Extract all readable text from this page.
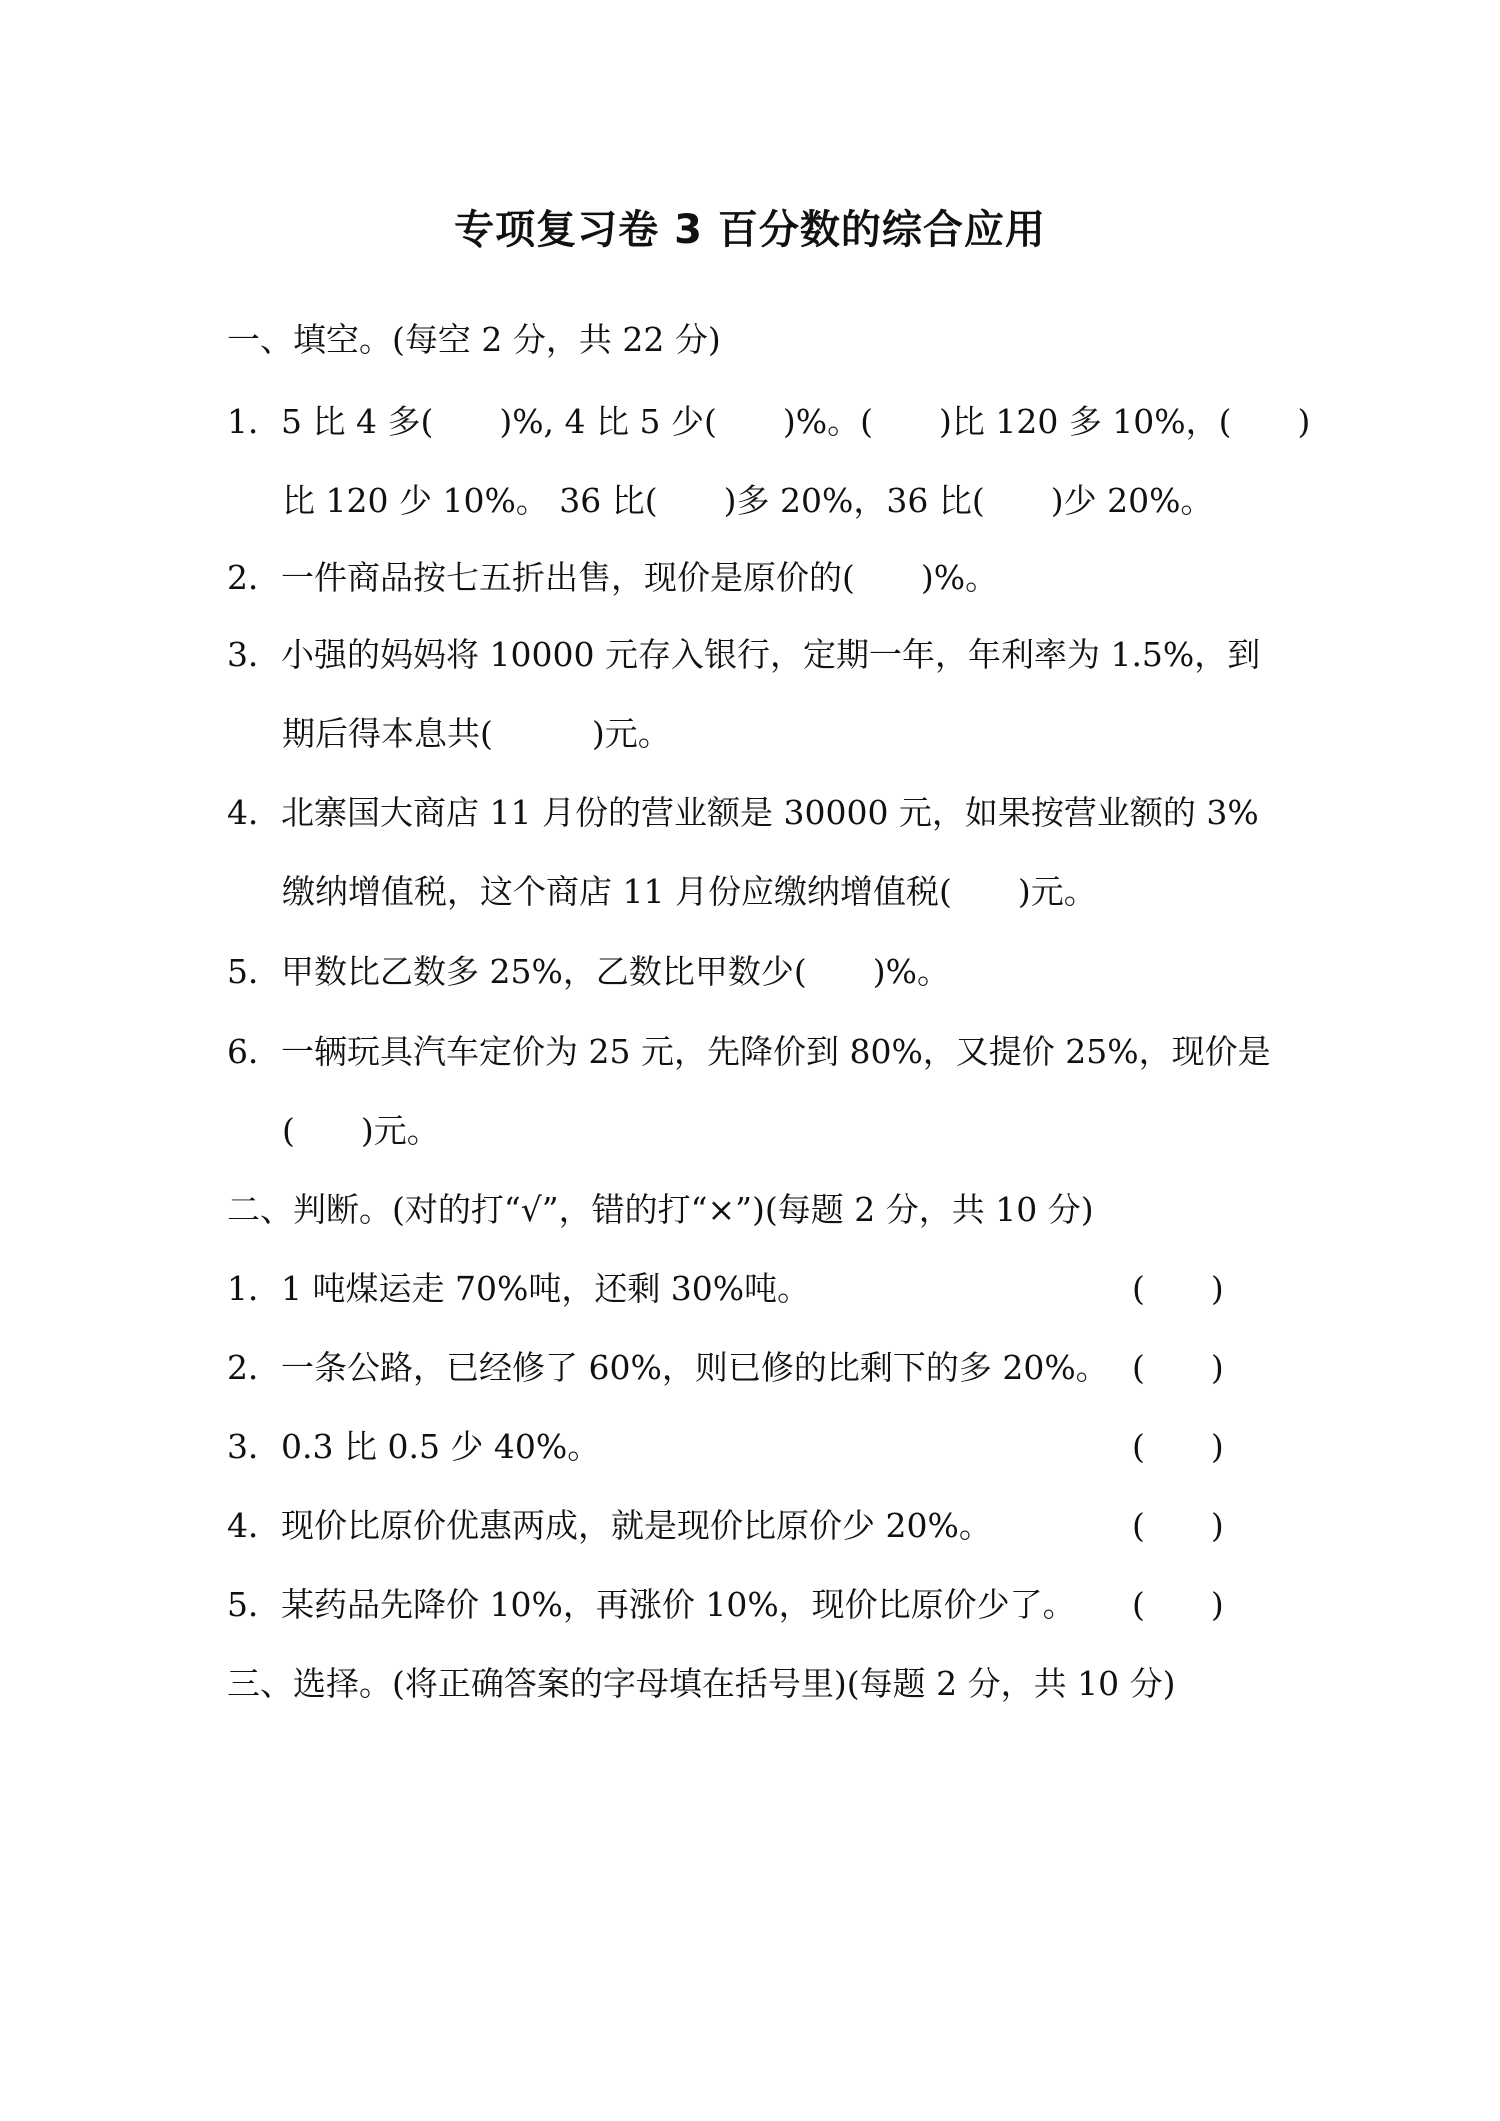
专项复习卷 3 百分数的综合应用
一、填空。(每空 2 分，共 22 分)
1．5 比 4 多(　　)%, 4 比 5 少(　　)%。(　　)比 120 多 10%，(　　)
比 120 少 10%。 36 比(　　)多 20%，36 比(　　)少 20%。
2．一件商品按七五折出售，现价是原价的(　　)%。
3．小强的妈妈将 10000 元存入银行，定期一年，年利率为 1.5%，到
期后得本息共(　　　)元。
4．北寨国大商店 11 月份的营业额是 30000 元，如果按营业额的 3%
缴纳增值税，这个商店 11 月份应缴纳增值税(　　)元。
5．甲数比乙数多 25%，乙数比甲数少(　　)%。
6．一辆玩具汽车定价为 25 元，先降价到 80%，又提价 25%，现价是
(　　)元。
二、判断。(对的打“√”，错的打“×”)(每题 2 分，共 10 分)
1．1 吨煤运走 70%吨，还剩 30%吨。	(　　)
2．一条公路，已经修了 60%，则已修的比剩下的多 20%。 (　　)
3．0.3 比 0.5 少 40%。	(　　)
4．现价比原价优惠两成，就是现价比原价少 20%。	(　　)
5．某药品先降价 10%，再涨价 10%，现价比原价少了。 (　　)
三、选择。(将正确答案的字母填在括号里)(每题 2 分，共 10 分)
